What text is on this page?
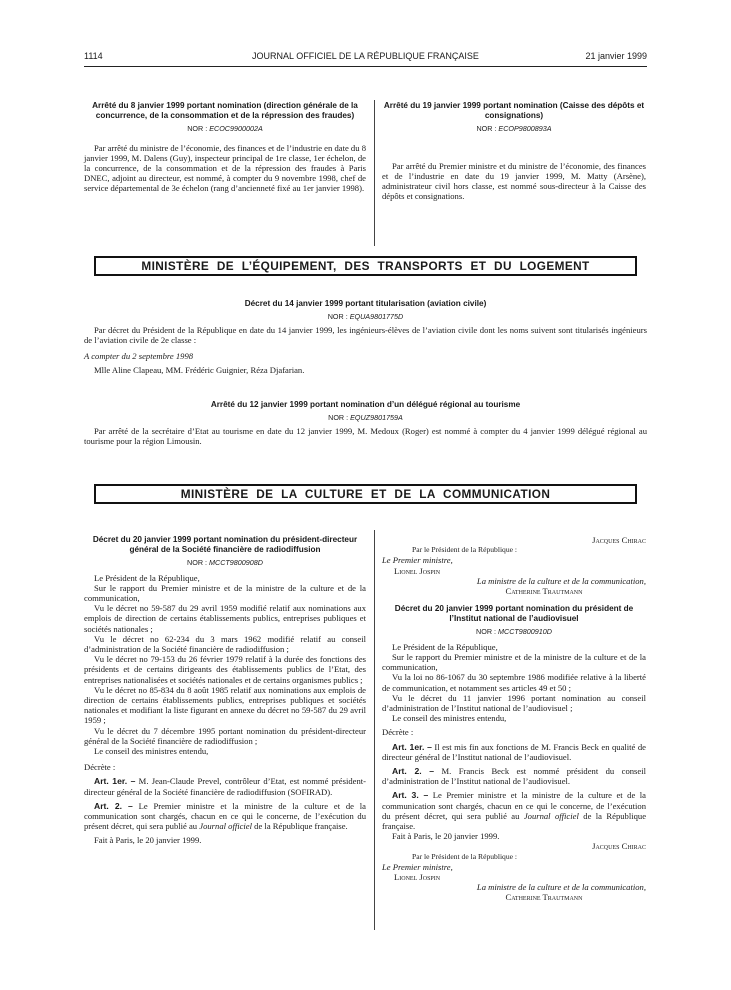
1114	JOURNAL OFFICIEL DE LA RÉPUBLIQUE FRANÇAISE	21 janvier 1999

Arrêté du 8 janvier 1999 portant nomination (direction générale de la concurrence, de la consommation et de la répression des fraudes)

NOR : ECOC9900002A

Par arrêté du ministre de l’économie, des finances et de l’industrie en date du 8 janvier 1999, M. Dalens (Guy), inspecteur principal de 1re classe, 1er échelon, de la concurrence, de la consommation et de la répression des fraudes à Paris DNEC, adjoint au directeur, est nommé, à compter du 9 novembre 1998, chef de service départemental de 3e échelon (rang d’ancienneté fixé au 1er janvier 1998).

Arrêté du 19 janvier 1999 portant nomination (Caisse des dépôts et consignations)

NOR : ECOP9800893A

Par arrêté du Premier ministre et du ministre de l’économie, des finances et de l’industrie en date du 19 janvier 1999, M. Matty (Arsène), administrateur civil hors classe, est nommé sous-directeur à la Caisse des dépôts et consignations.

MINISTÈRE DE L’ÉQUIPEMENT, DES TRANSPORTS ET DU LOGEMENT

Décret du 14 janvier 1999 portant titularisation (aviation civile)

NOR : EQUA9801775D

Par décret du Président de la République en date du 14 janvier 1999, les ingénieurs-élèves de l’aviation civile dont les noms suivent sont titularisés ingénieurs de l’aviation civile de 2e classe :

A compter du 2 septembre 1998

Mlle Aline Clapeau, MM. Frédéric Guignier, Réza Djafarian.

Arrêté du 12 janvier 1999 portant nomination d’un délégué régional au tourisme

NOR : EQUZ9801759A

Par arrêté de la secrétaire d’Etat au tourisme en date du 12 janvier 1999, M. Medoux (Roger) est nommé à compter du 4 janvier 1999 délégué régional au tourisme pour la région Limousin.

MINISTÈRE DE LA CULTURE ET DE LA COMMUNICATION

Décret du 20 janvier 1999 portant nomination du président-directeur général de la Société financière de radiodiffusion

NOR : MCCT9800908D

Le Président de la République,

Sur le rapport du Premier ministre et de la ministre de la culture et de la communication,

Vu le décret no 59-587 du 29 avril 1959 modifié relatif aux nominations aux emplois de direction de certains établissements publics, entreprises publiques et sociétés nationales ;

Vu le décret no 62-234 du 3 mars 1962 modifié relatif au conseil d’administration de la Société financière de radiodiffusion ;

Vu le décret no 79-153 du 26 février 1979 relatif à la durée des fonctions des présidents et de certains dirigeants des établissements publics de l’Etat, des entreprises nationalisées et sociétés nationales et de certains organismes publics ;

Vu le décret no 85-834 du 8 août 1985 relatif aux nominations aux emplois de direction de certains établissements publics, entreprises publiques et sociétés nationales et modifiant la liste figurant en annexe du décret no 59-587 du 29 avril 1959 ;

Vu le décret du 7 décembre 1995 portant nomination du président-directeur général de la Société financière de radiodiffusion ;

Le conseil des ministres entendu,

Décrète :

Art. 1er. – M. Jean-Claude Prevel, contrôleur d’Etat, est nommé président-directeur général de la Société financière de radiodiffusion (SOFIRAD).

Art. 2. – Le Premier ministre et la ministre de la culture et de la communication sont chargés, chacun en ce qui le concerne, de l’exécution du présent décret, qui sera publié au Journal officiel de la République française.

Fait à Paris, le 20 janvier 1999.

Jacques Chirac

Par le Président de la République :

Le Premier ministre,

Lionel Jospin

La ministre de la culture et de la communication,

Catherine Trautmann

Décret du 20 janvier 1999 portant nomination du président de l’Institut national de l’audiovisuel

NOR : MCCT9800910D

Le Président de la République,

Sur le rapport du Premier ministre et de la ministre de la culture et de la communication,

Vu la loi no 86-1067 du 30 septembre 1986 modifiée relative à la liberté de communication, et notamment ses articles 49 et 50 ;

Vu le décret du 11 janvier 1996 portant nomination au conseil d’administration de l’Institut national de l’audiovisuel ;

Le conseil des ministres entendu,

Décrète :

Art. 1er. – Il est mis fin aux fonctions de M. Francis Beck en qualité de directeur général de l’Institut national de l’audiovisuel.

Art. 2. – M. Francis Beck est nommé président du conseil d’administration de l’Institut national de l’audiovisuel.

Art. 3. – Le Premier ministre et la ministre de la culture et de la communication sont chargés, chacun en ce qui le concerne, de l’exécution du présent décret, qui sera publié au Journal officiel de la République française.

Fait à Paris, le 20 janvier 1999.

Jacques Chirac

Par le Président de la République :

Le Premier ministre,

Lionel Jospin

La ministre de la culture et de la communication,

Catherine Trautmann
